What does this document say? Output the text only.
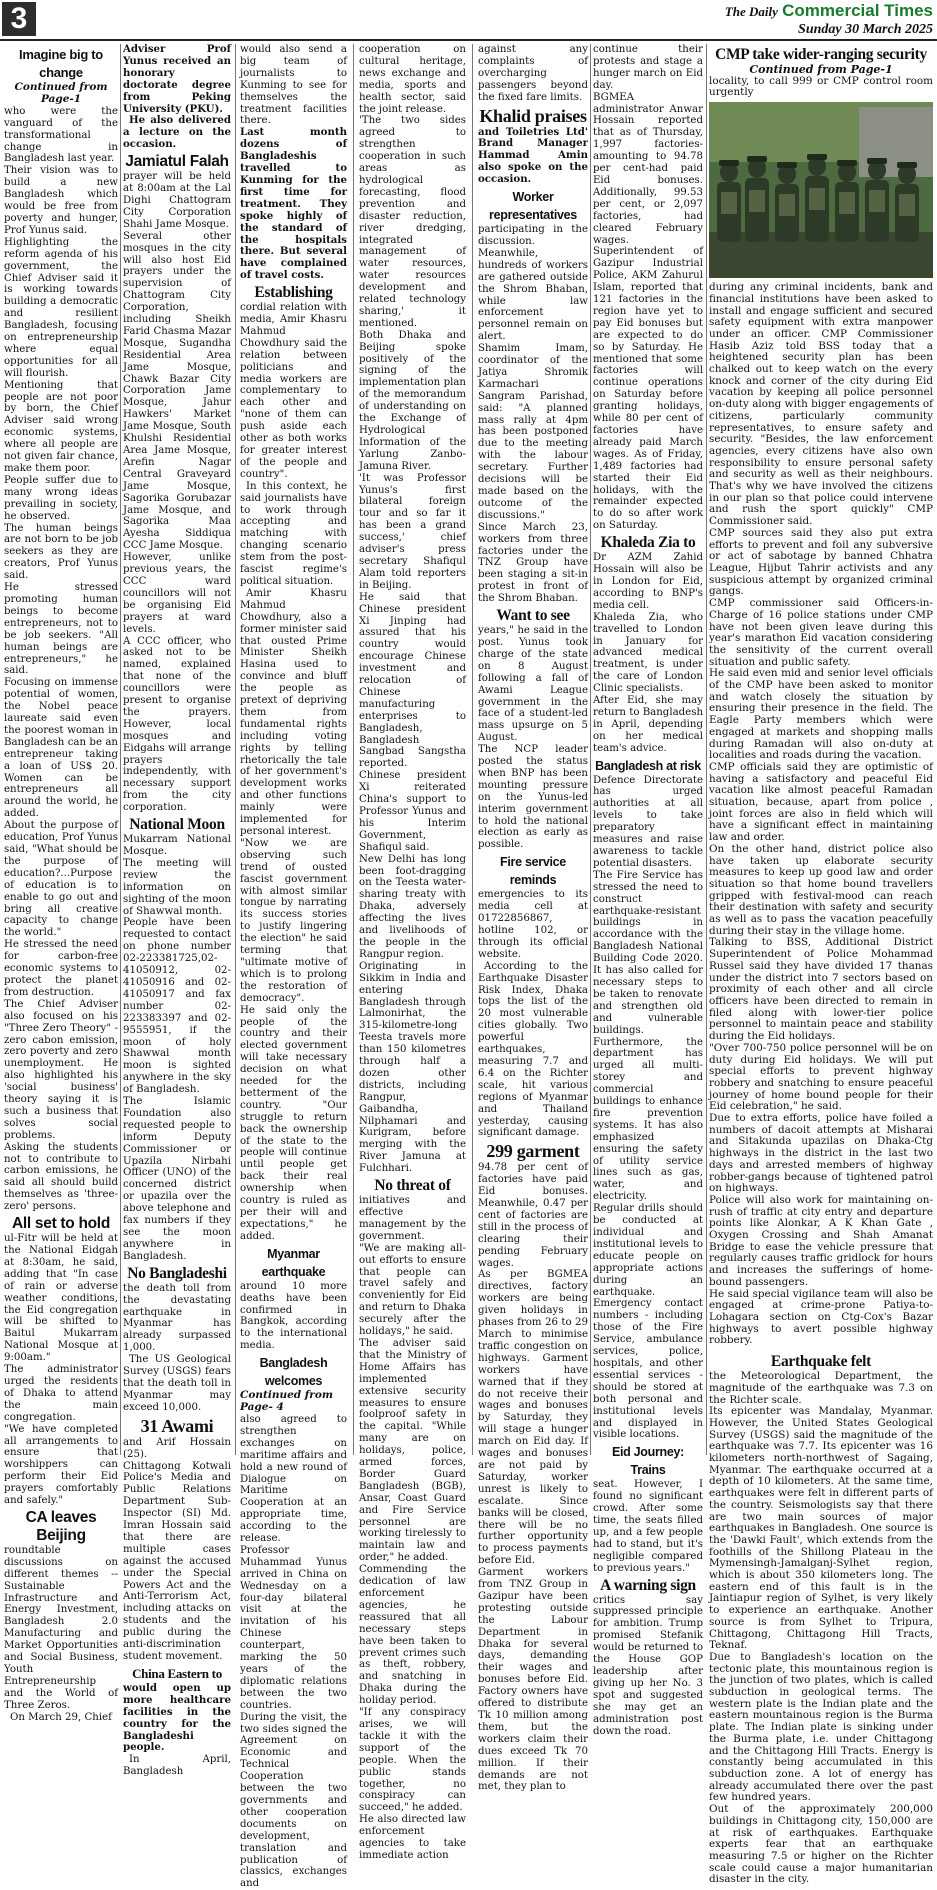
3	The Daily Commercial Times
Sunday 30 March 2025
Imagine big to change

Continued from Page-1

who were the vanguard of the transformational change in Bangladesh last year.

Their vision was to build a new Bangladesh which would be free from poverty and hunger, Prof Yunus said.

Highlighting the reform agenda of his government, the Chief Adviser said it is working towards building a democratic and resilient Bangladesh, focusing on entrepreneurship where equal opportunities for all will flourish.

Mentioning that people are not poor by born, the Chief Adviser said wrong economic systems, where all people are not given fair chance, make them poor.

People suffer due to many wrong ideas prevailing in society, he observed.

The human beings are not born to be job seekers as they are creators, Prof Yunus said.

He stressed promoting human beings to become entrepreneurs, not to be job seekers. "All human beings are entrepreneurs," he said.

Focusing on immense potential of women, the Nobel peace laureate said even the poorest woman in Bangladesh can be an entrepreneur taking a loan of US$ 20. Women can be entrepreneurs all around the world, he added.

About the purpose of education, Prof Yunus said, "What should be the purpose of education?...Purpose of education is to enable to go out and bring all creative capacity to change the world."

He stressed the need for carbon-free economic systems to protect the planet from destruction.

The Chief Adviser also focused on his "Three Zero Theory" - zero cabon emission, zero poverty and zero unemployment. He also highlighted his 'social business' theory saying it is such a business that solves social problems.

Asking the students not to contribute to carbon emissions, he said all should build themselves as 'three-zero' persons.

All set to hold

ul-Fitr will be held at the National Eidgah at 8:30am, he said, adding that "In case of rain or adverse weather conditions, the Eid congregation will be shifted to Baitul Mukarram National Mosque at 9:00am."

The administrator urged the residents of Dhaka to attend the main congregation.

"We have completed all arrangements to ensure that worshippers can perform their Eid prayers comfortably and safely."

CA leaves Beijing

roundtable discussions on different themes -- Sustainable Infrastructure and Energy Investment, Bangladesh 2.0 Manufacturing and Market Opportunities and Social Business, Youth Entrepreneurship and the World of Three Zeros.

On March 29, Chief

Adviser Prof Yunus received an honorary doctorate degree from Peking University (PKU).

He also delivered a lecture on the occasion.

Jamiatul Falah

prayer will be held at 8:00am at the Lal Dighi Chattogram City Corporation Shahi Jame Mosque.

Several other mosques in the city will also host Eid prayers under the supervision of Chattogram City Corporation, including Sheikh Farid Chasma Mazar Mosque, Sugandha Residential Area Jame Mosque, Chawk Bazar City Corporation Jame Mosque, Jahur Hawkers' Market Jame Mosque, South Khulshi Residential Area Jame Mosque, Arefin Nagar Central Graveyard Jame Mosque, Sagorika Gorubazar Jame Mosque, and Sagorika Maa Ayesha Siddiqua CCC Jame Mosque.

However, unlike previous years, the CCC ward councillors will not be organising Eid prayers at ward levels.

A CCC officer, who asked not to be named, explained that none of the councillors were present to organise the prayers. However, local mosques and Eidgahs will arrange prayers independently, with necessary support from the city corporation.

National Moon

Mukarram National Mosque.

The meeting will review the information on sighting of the moon of Shawwal month.

People have been requested to contact on phone number 02-223381725,02-41050912, 02-41050916 and 02-41050917 and fax number 02-223383397 and 02-9555951, if the moon of holy Shawwal month moon is sighted anywhere in the sky of Bangladesh.

The Islamic Foundation also requested people to inform Deputy Commissioner or Upazila Nirbahi Officer (UNO) of the concerned district or upazila over the above telephone and fax numbers if they see the moon anywhere in Bangladesh.

No Bangladeshi

the death toll from the devastating earthquake in Myanmar has already surpassed 1,000.

The US Geological Survey (USGS) fears that the death toll in Myanmar may exceed 10,000.

31 Awami

and Arif Hossain (25).

Chittagong Kotwali Police's Media and Public Relations Department Sub-Inspector (SI) Md. Imran Hossain said that there are multiple cases against the accused under the Special Powers Act and the Anti-Terrorism Act, including attacks on students and the public during the anti-discrimination student movement.

China Eastern to

would open up more healthcare facilities in the country for the Bangladeshi people.

In April, Bangladesh

would also send a big team of journalists to Kunming to see for themselves the treatment facilities there.

Last month dozens of Bangladeshis travelled to Kunming for the first time for treatment. They spoke highly of the standard of the hospitals there. But several have complained of travel costs.

Establishing

cordial relation with media, Amir Khasru Mahmud Chowdhury said the relation between politicians and media workers are complementary to each other and "none of them can push aside each other as both works for greater interest of the people and country".

In this context, he said journalists have to work through accepting and matching with changing scenario stem from the post-fascist regime's political situation.

Amir Khasru Mahmud Chowdhury, also a former minister said that ousted Prime Minister Sheikh Hasina used to convince and bluff the people as pretext of depriving them from fundamental rights including voting rights by telling rhetorically the tale of her government's development works and other functions mainly were implemented for personal interest.

"Now we are observing such trend of ousted fascist government with almost similar tongue by narrating its success stories to justify lingering the election" he said terming that "ultimate motive of which is to prolong the restoration of democracy".

He said only the people of the country and their elected government will take necessary decision on what needed for the betterment of the country. "Our struggle to return back the ownership of the state to the people will continue until people get back their real ownership when country is ruled as per their will and expectations," he added.

Myanmar earthquake

around 10 more deaths have been confirmed in Bangkok, according to the international media.

Bangladesh welcomes

Continued from Page- 4

also agreed to strengthen exchanges on maritime affairs and hold a new round of Dialogue on Maritime Cooperation at an appropriate time, according to the release.

Professor Muhammad Yunus arrived in China on Wednesday on a four-day bilateral visit at the invitation of his Chinese counterpart, marking the 50 years of the diplomatic relations between the two countries.

During the visit, the two sides signed the Agreement on Economic and Technical Cooperation between the two governments and other cooperation documents on development, translation and publication of classics, exchanges and

cooperation on cultural heritage, news exchange and media, sports and health sector, said the joint release.

'The two sides agreed to strengthen cooperation in such areas as hydrological forecasting, flood prevention and disaster reduction, river dredging, integrated management of water resources, water resources development and related technology sharing,' it mentioned.

Both Dhaka and Beijing spoke positively of the signing of the implementation plan of the memorandum of understanding on the Exchange of Hydrological Information of the Yarlung Zanbo-Jamuna River.

'It was Professor Yunus's first bilateral foreign tour and so far it has been a grand success,' chief adviser's press secretary Shafiqul Alam told reporters in Beijing.

He said that Chinese president Xi Jinping had assured that his country would encourage Chinese investment and relocation of Chinese manufacturing enterprises to Bangladesh, Bangladesh Sangbad Sangstha reported.

Chinese president Xi reiterated China's support to Professor Yunus and his Interim Government, Shafiqul said.

New Delhi has long been foot-dragging on the Teesta water-sharing treaty with Dhaka, adversely affecting the lives and livelihoods of the people in the Rangpur region.

Originating in Sikkim in India and entering Bangladesh through Lalmonirhat, the 315-kilometre-long Teesta travels more than 150 kilometres through half a dozen other districts, including Rangpur, Gaibandha, Nilphamari and Kurigram, before merging with the River Jamuna at Fulchhari.

No threat of

initiatives and effective management by the government.

"We are making all-out efforts to ensure that people can travel safely and conveniently for Eid and return to Dhaka securely after the holidays," he said.

The adviser said that the Ministry of Home Affairs has implemented extensive security measures to ensure foolproof safety in the capital. "While many are on holidays, police, armed forces, Border Guard Bangladesh (BGB), Ansar, Coast Guard and Fire Service personnel are working tirelessly to maintain law and order," he added.

Commending the dedication of law enforcement agencies, he reassured that all necessary steps have been taken to prevent crimes such as theft, robbery, and snatching in Dhaka during the holiday period.

"If any conspiracy arises, we will tackle it with the support of the people. When the public stands together, no conspiracy can succeed," he added.

He also directed law enforcement agencies to take immediate action

against any complaints of overcharging passengers beyond the fixed fare limits.

Khalid praises

and Toiletries Ltd' Brand Manager Hammad Amin also spoke on the occasion.

Worker representatives

participating in the discussion.

Meanwhile, hundreds of workers are gathered outside the Shrom Bhaban, while law enforcement personnel remain on alert.

Shamim Imam, coordinator of the Jatiya Shromik Karmachari Sangram Parishad, said: "A planned mass rally at 4pm has been postponed due to the meeting with the labour secretary. Further decisions will be made based on the outcome of the discussions."

Since March 23, workers from three factories under the TNZ Group have been staging a sit-in protest in front of the Shrom Bhaban.

Want to see

years," he said in the post. Yunus took charge of the state on 8 August following a fall of Awami League government in the face of a student-led mass upsurge on 5 August.

The NCP leader posted the status when BNP has been mounting pressure on the Yunus-led interim government to hold the national election as early as possible.

Fire service reminds

emergencies to its media cell at 01722856867, hotline 102, or through its official website.

According to the Earthquake Disaster Risk Index, Dhaka tops the list of the 20 most vulnerable cities globally. Two powerful earthquakes, measuring 7.7 and 6.4 on the Richter scale, hit various regions of Myanmar and Thailand yesterday, causing significant damage.

299 garment

94.78 per cent of factories have paid Eid bonuses. Meanwhile, 0.47 per cent of factories are still in the process of clearing their pending February wages.

As per BGMEA directives, factory workers are being given holidays in phases from 26 to 29 March to minimise traffic congestion on highways. Garment workers have warned that if they do not receive their wages and bonuses by Saturday, they will stage a hunger march on Eid day. If wages and bonuses are not paid by Saturday, worker unrest is likely to escalate. Since banks will be closed, there will be no further opportunity to process payments before Eid.

Garment workers from TNZ Group in Gazipur have been protesting outside the Labour Department in Dhaka for several days, demanding their wages and bonuses before Eid. Factory owners have offered to distribute Tk 10 million among them, but the workers claim their dues exceed Tk 70 million. If their demands are not met, they plan to

continue their protests and stage a hunger march on Eid day.

BGMEA administrator Anwar Hossain reported that as of Thursday, 1,997 factories-amounting to 94.78 per cent-had paid Eid bonuses. Additionally, 99.53 per cent, or 2,097 factories, had cleared February wages.

Superintendent of Gazipur Industrial Police, AKM Zahurul Islam, reported that 121 factories in the region have yet to pay Eid bonuses but are expected to do so by Saturday. He mentioned that some factories will continue operations on Saturday before granting holidays, while 80 per cent of factories have already paid March wages. As of Friday, 1,489 factories had started their Eid holidays, with the remainder expected to do so after work on Saturday.

Khaleda Zia to

Dr AZM Zahid Hossain will also be in London for Eid, according to BNP's media cell.

Khaleda Zia, who travelled to London in January for advanced medical treatment, is under the care of London Clinic specialists.

After Eid, she may return to Bangladesh in April, depending on her medical team's advice.

Bangladesh at risk

Defence Directorate has urged authorities at all levels to take preparatory measures and raise awareness to tackle potential disasters.

The Fire Service has stressed the need to construct earthquake-resistant buildings in accordance with the Bangladesh National Building Code 2020. It has also called for necessary steps to be taken to renovate and strengthen old and vulnerable buildings.

Furthermore, the department has urged all multi-storey and commercial buildings to enhance fire prevention systems. It has also emphasized ensuring the safety of utility service lines such as gas, water, and electricity.

Regular drills should be conducted at individual and institutional levels to educate people on appropriate actions during an earthquake.

Emergency contact numbers - including those of the Fire Service, ambulance services, police, hospitals, and other essential services - should be stored at both personal and institutional levels and displayed in visible locations.

Eid Journey: Trains

seat. However, I found no significant crowd. After some time, the seats filled up, and a few people had to stand, but it's negligible compared to previous years."

A warning sign

critics say suppressed principle for ambition. Trump promised Stefanik would be returned to the House GOP leadership after giving up her No. 3 spot and suggested she may get an administration post down the road.

CMP take wider-ranging security

Continued from Page-1

locality, to call 999 or CMP control room urgently

during any criminal incidents, bank and financial institutions have been asked to install and engage sufficient and secured safety equipment with extra manpower under an officer. CMP Commissioner Hasib Aziz told BSS today that a heightened security plan has been chalked out to keep watch on the every knock and corner of the city during Eid vacation by keeping all police personnel on-duty along with bigger engagements of citizens, particularly community representatives, to ensure safety and security. "Besides, the law enforcement agencies, every citizens have also own responsibility to ensure personal safety and security as well as their neighbours. That's why we have involved the citizens in our plan so that police could intervene and rush the sport quickly" CMP Commissioner said.

CMP sources said they also put extra efforts to prevent and foil any subversive or act of sabotage by banned Chhatra League, Hijbut Tahrir activists and any suspicious attempt by organized criminal gangs.

CMP commissioner said Officers-in-Charge of 16 police stations under CMP have not been given leave during this year's marathon Eid vacation considering the sensitivity of the current overall situation and public safety.

He said even mid and senior level officials of the CMP have been asked to monitor and watch closely the situation by ensuring their presence in the field. The Eagle Party members which were engaged at markets and shopping malls during Ramadan will also on-duty at localities and roads during the vacation.

CMP officials said they are optimistic of having a satisfactory and peaceful Eid vacation like almost peaceful Ramadan situation, because, apart from police , joint forces are also in field which will have a significant effect in maintaining law and order.

On the other hand, district police also have taken up elaborate security measures to keep up good law and order situation so that home bound travellers gripped with festival-mood can reach their destination with safety and security as well as to pass the vacation peacefully during their stay in the village home.

Talking to BSS, Additional District Superintendent of Police Mohammad Russel said they have divided 17 thanas under the district into 7 sectors based on proximity of each other and all circle officers have been directed to remain in filed along with lower-tier police personnel to maintain peace and stability during the Eid holidays.

"Over 700-750 police personnel will be on duty during Eid holidays. We will put special efforts to prevent highway robbery and snatching to ensure peaceful journey of home bound people for their Eid celebration," he said.

Due to extra efforts, police have foiled a numbers of dacoit attempts at Misharai and Sitakunda upazilas on Dhaka-Ctg highways in the district in the last two days and arrested members of highway robber-gangs because of tightened patrol on highways.

Police will also work for maintaining on-rush of traffic at city entry and departure points like Alonkar, A K Khan Gate , Oxygen Crossing and Shah Amanat Bridge to ease the vehicle pressure that regularly causes traffic gridlock for hours and increases the sufferings of home-bound passengers.

He said special vigilance team will also be engaged at crime-prone Patiya-to-Lohagara section on Ctg-Cox's Bazar highways to avert possible highway robbery.

Earthquake felt

the Meteorological Department, the magnitude of the earthquake was 7.3 on the Richter scale.

Its epicenter was Mandalay, Myanmar. However, the United States Geological Survey (USGS) said the magnitude of the earthquake was 7.7. Its epicenter was 16 kilometers north-northwest of Sagaing, Myanmar. The earthquake occurred at a depth of 10 kilometers. At the same time, earthquakes were felt in different parts of the country. Seismologists say that there are two main sources of major earthquakes in Bangladesh. One source is the 'Dawki Fault', which extends from the foothills of the Shillong Plateau in the Mymensingh-Jamalganj-Sylhet region, which is about 350 kilometers long. The eastern end of this fault is in the Jaintiapur region of Sylhet, is very likely to experience an earthquake. Another source is from Sylhet to Tripura, Chittagong, Chittagong Hill Tracts, Teknaf.

Due to Bangladesh's location on the tectonic plate, this mountainous region is the junction of two plates, which is called subduction in geological terms. The western plate is the Indian plate and the eastern mountainous region is the Burma plate. The Indian plate is sinking under the Burma plate, i.e. under Chittagong and the Chittagong Hill Tracts. Energy is constantly being accumulated in this subduction zone. A lot of energy has already accumulated there over the past few hundred years.

Out of the approximately 200,000 buildings in Chittagong city, 150,000 are at risk of earthquakes. Earthquake experts fear that an earthquake measuring 7.5 or higher on the Richter scale could cause a major humanitarian disaster in the city.
